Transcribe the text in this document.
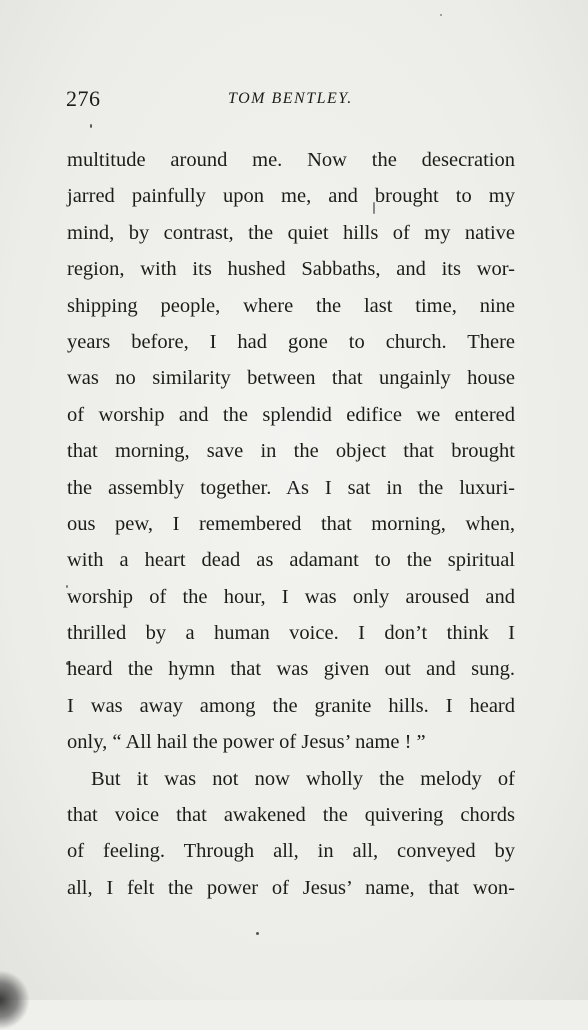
276	TOM BENTLEY.
multitude around me. Now the desecration
jarred painfully upon me, and brought to my
mind, by contrast, the quiet hills of my native
region, with its hushed Sabbaths, and its wor-
shipping people, where the last time, nine
years before, I had gone to church. There
was no similarity between that ungainly house
of worship and the splendid edifice we entered
that morning, save in the object that brought
the assembly together. As I sat in the luxuri-
ous pew, I remembered that morning, when,
with a heart dead as adamant to the spiritual
worship of the hour, I was only aroused and
thrilled by a human voice. I don’t think I
heard the hymn that was given out and sung.
I was away among the granite hills. I heard
only, “ All hail the power of Jesus’ name ! ”
But it was not now wholly the melody of
that voice that awakened the quivering chords
of feeling. Through all, in all, conveyed by
all, I felt the power of Jesus’ name, that won-
